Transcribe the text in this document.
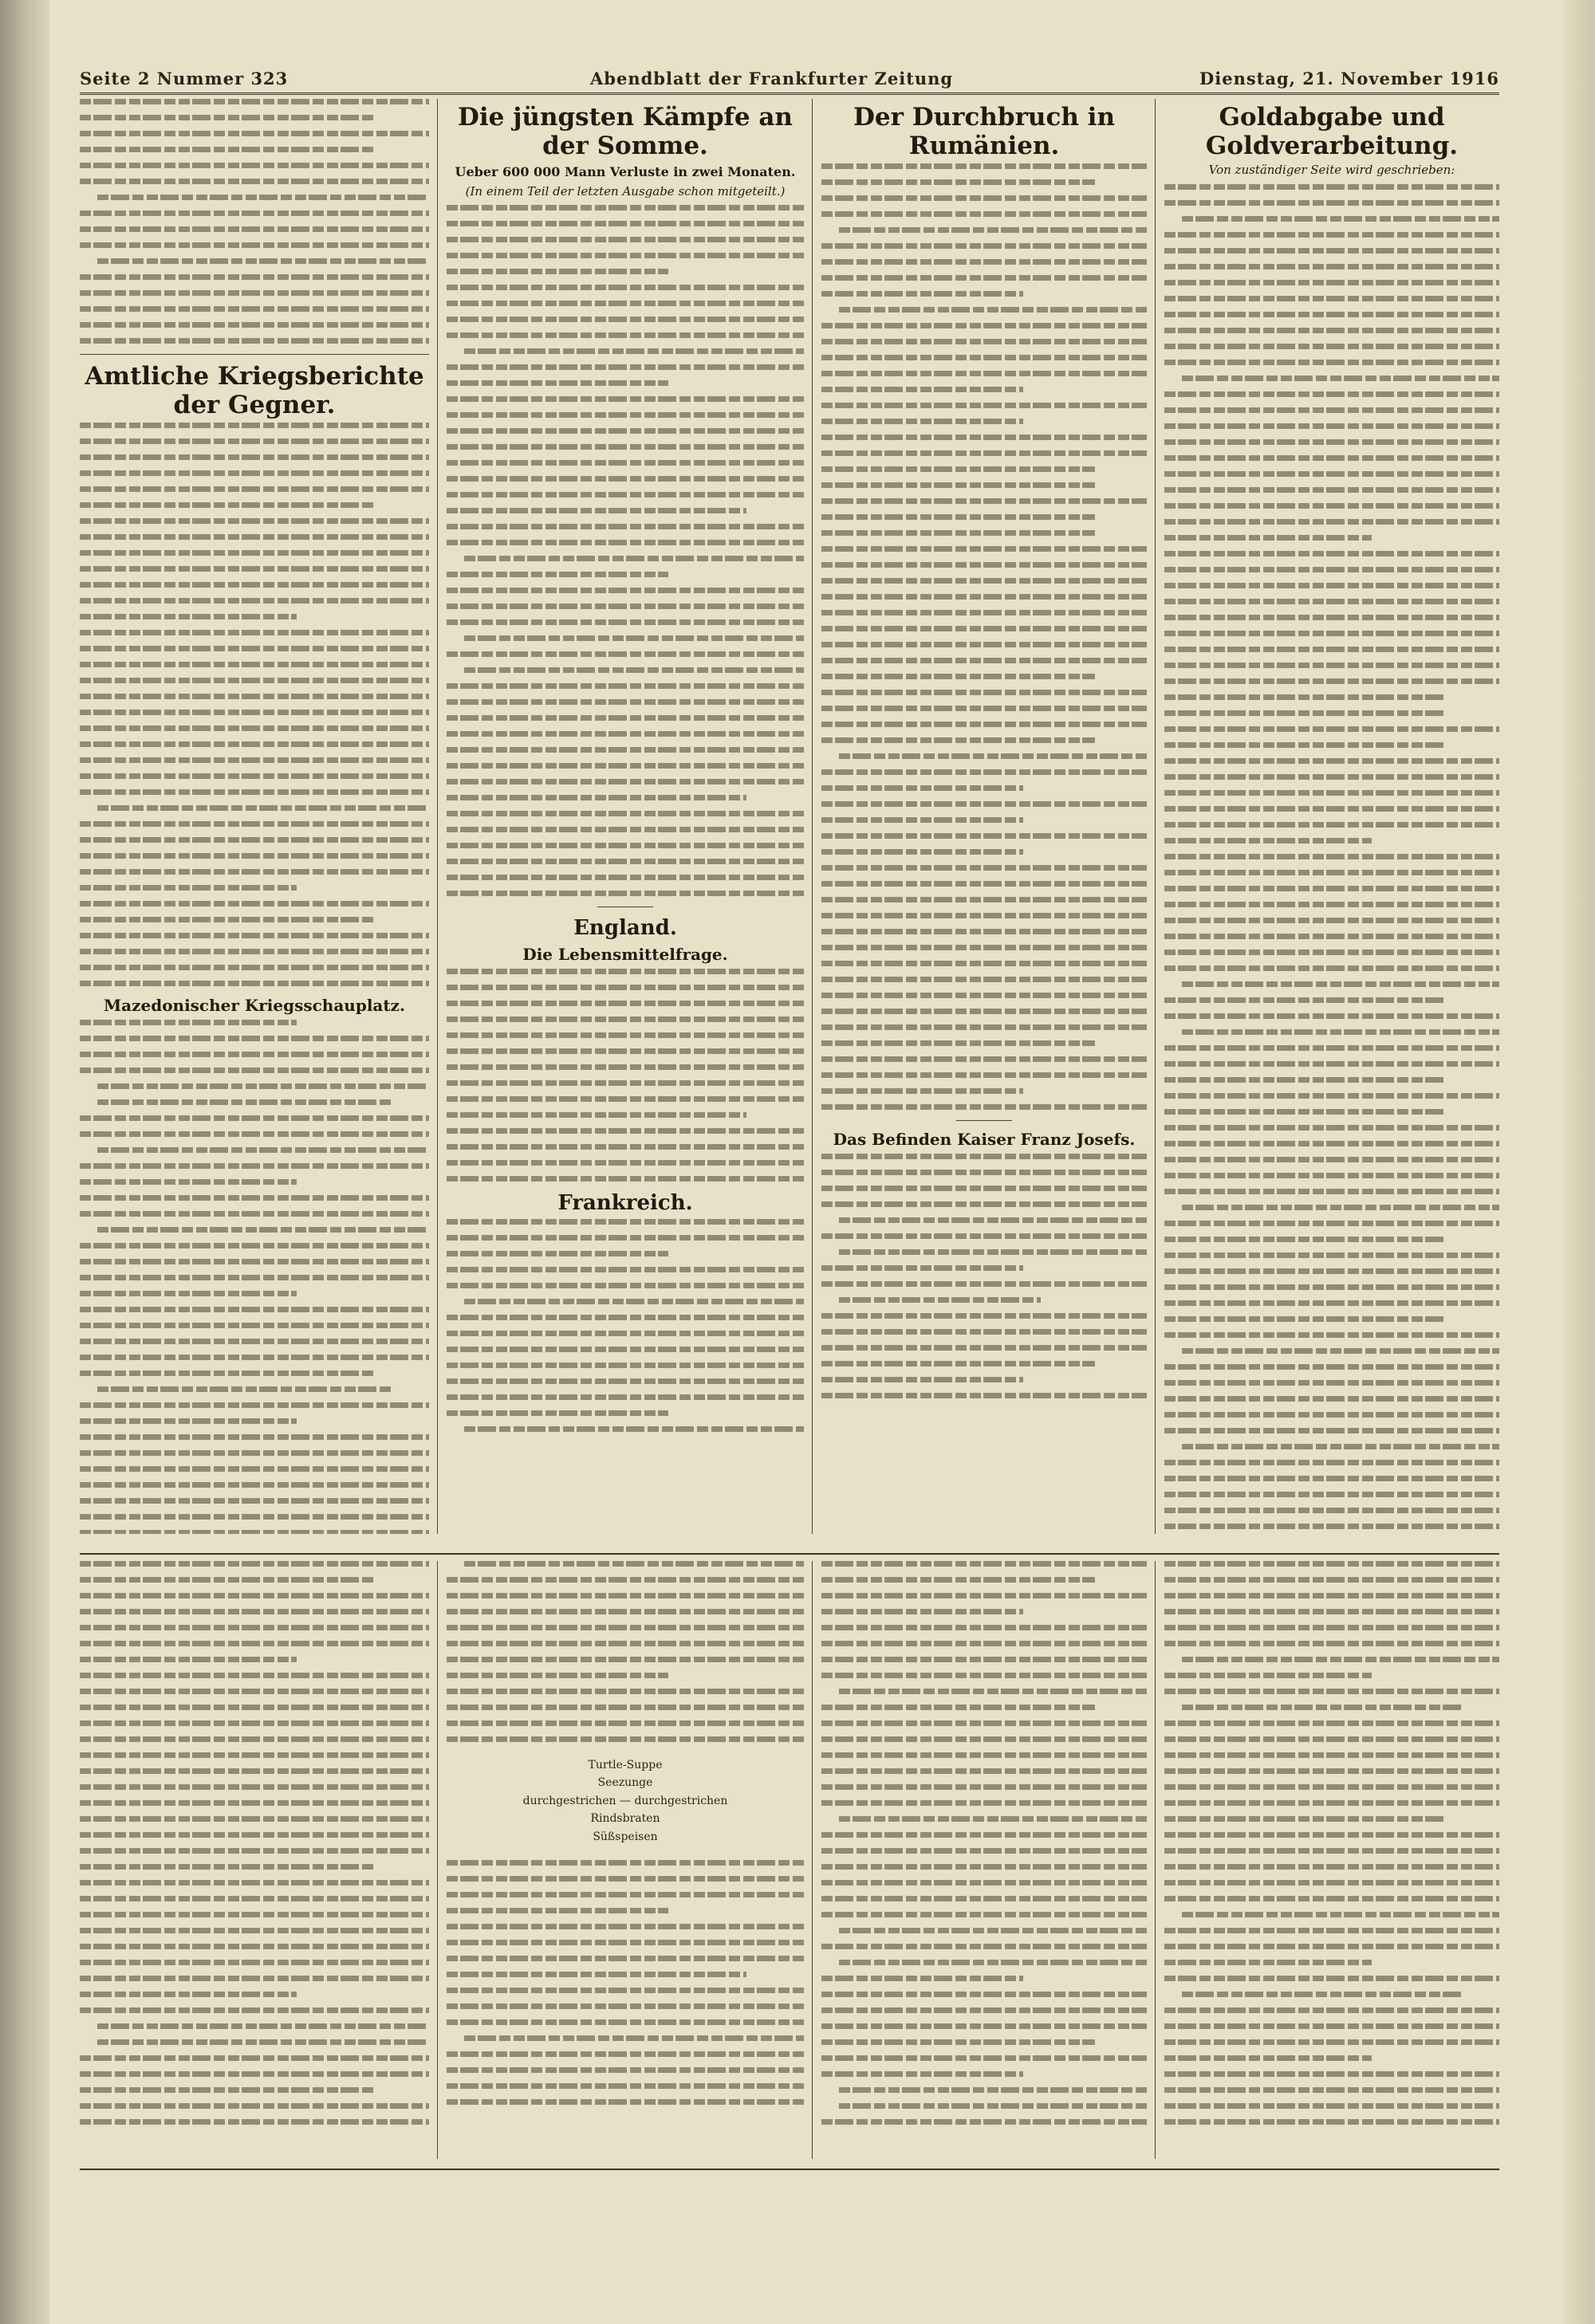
Seite 2 Nummer 323	Abendblatt der Frankfurter Zeitung	Dienstag, 21. November 1916
Amtliche Kriegsberichte der Gegner.
Mazedonischer Kriegsschauplatz.
Die jüngsten Kämpfe an der Somme.
Ueber 600 000 Mann Verluste in zwei Monaten.
(In einem Teil der letzten Ausgabe schon mitgeteilt.)
England.
Die Lebensmittelfrage.
Frankreich.
Der Durchbruch in Rumänien.
Das Befinden Kaiser Franz Josefs.
Goldabgabe und Goldverarbeitung.
Von zuständiger Seite wird geschrieben:
Turtle-Suppe
Seezunge
durchgestrichen — durchgestrichen
Rindsbraten
Süßspeisen
